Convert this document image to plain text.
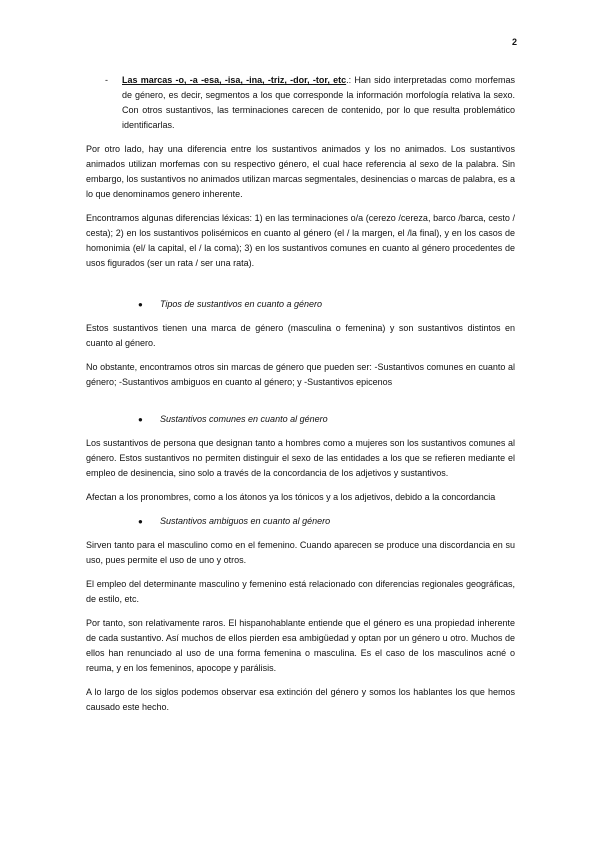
2
- Las marcas -o, -a -esa, -isa, -ina, -triz, -dor, -tor, etc.: Han sido interpretadas como morfemas de género, es decir, segmentos a los que corresponde la información morfología relativa la sexo. Con otros sustantivos, las terminaciones carecen de contenido, por lo que resulta problemático identificarlas.

Por otro lado, hay una diferencia entre los sustantivos animados y los no animados. Los sustantivos animados utilizan morfemas con su respectivo género, el cual hace referencia al sexo de la palabra. Sin embargo, los sustantivos no animados utilizan marcas segmentales, desinencias o marcas de palabra, es a lo que denominamos genero inherente.

Encontramos algunas diferencias léxicas: 1) en las terminaciones o/a (cerezo /cereza, barco /barca, cesto / cesta); 2) en los sustantivos polisémicos en cuanto al género (el / la margen, el /la final), y en los casos de homonimia (el/ la capital, el / la coma); 3) en los sustantivos comunes en cuanto al género procedentes de usos figurados (ser un rata / ser una rata).

● Tipos de sustantivos en cuanto a género

Estos sustantivos tienen una marca de género (masculina o femenina) y son sustantivos distintos en cuanto al género.

No obstante, encontramos otros sin marcas de género que pueden ser: -Sustantivos comunes en cuanto al género; -Sustantivos ambiguos en cuanto al género; y -Sustantivos epicenos

● Sustantivos comunes en cuanto al género

Los sustantivos de persona que designan tanto a hombres como a mujeres son los sustantivos comunes al género. Estos sustantivos no permiten distinguir el sexo de las entidades a los que se refieren mediante el empleo de desinencia, sino solo a través de la concordancia de los adjetivos y sustantivos.

Afectan a los pronombres, como a los átonos ya los tónicos y a los adjetivos, debido a la concordancia

● Sustantivos ambiguos en cuanto al género

Sirven tanto para el masculino como en el femenino. Cuando aparecen se produce una discordancia en su uso, pues permite el uso de uno y otros.

El empleo del determinante masculino y femenino está relacionado con diferencias regionales geográficas, de estilo, etc.

Por tanto, son relativamente raros. El hispanohablante entiende que el género es una propiedad inherente de cada sustantivo. Así muchos de ellos pierden esa ambigüedad y optan por un género u otro. Muchos de ellos han renunciado al uso de una forma femenina o masculina. Es el caso de los masculinos acné o reuma, y en los femeninos, apocope y parálisis.

A lo largo de los siglos podemos observar esa extinción del género y somos los hablantes los que hemos causado este hecho.
